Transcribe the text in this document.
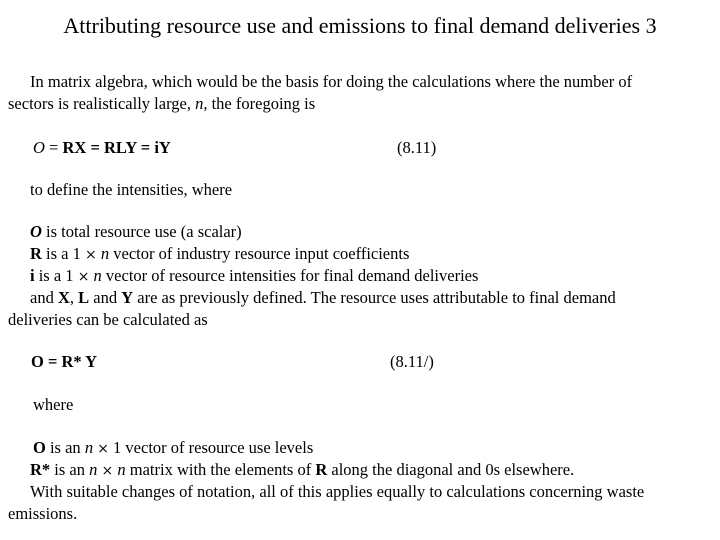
Attributing resource use and emissions to final demand deliveries 3
In matrix algebra, which would be the basis for doing the calculations where the number of
sectors is realistically large, n, the foregoing is
O = RX = RLY = iY	(8.11)
to define the intensities, where
O is total resource use (a scalar)
R is a 1 × n vector of industry resource input coefficients
i is a 1 × n vector of resource intensities for final demand deliveries
and X, L and Y are as previously defined. The resource uses attributable to final demand
deliveries can be calculated as
O = R* Y	(8.11/)
where
O is an n × 1 vector of resource use levels
R* is an n × n matrix with the elements of R along the diagonal and 0s elsewhere.
With suitable changes of notation, all of this applies equally to calculations concerning waste
emissions.
